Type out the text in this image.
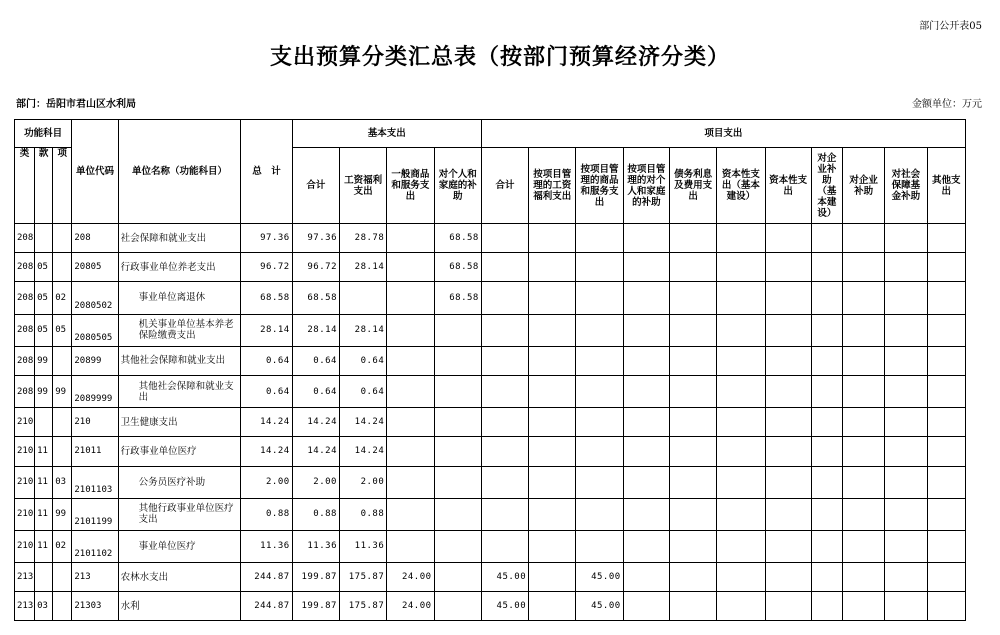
部门公开表05
支出预算分类汇总表（按部门预算经济分类）
部门：岳阳市君山区水利局	金额单位：万元
功能科目			单位代码	单位名称（功能科目）	总　计	基本支出				项目支出										
类	款	项				合计	工资福利支出	一般商品和服务支出	对个人和家庭的补助	合计	按项目管理的工资福利支出	按项目管理的商品和服务支出	按项目管理的对个人和家庭的补助	债务利息及费用支出	资本性支出（基本建设）	资本性支出	对企业补助（基本建设）	对企业补助	对社会保障基金补助	其他支出
208			208	社会保障和就业支出	97.36	97.36	28.78		68.58											
208	05		20805	行政事业单位养老支出	96.72	96.72	28.14		68.58											
208	05	02	2080502	事业单位离退休	68.58	68.58			68.58											
208	05	05	2080505	机关事业单位基本养老保险缴费支出	28.14	28.14	28.14													
208	99		20899	其他社会保障和就业支出	0.64	0.64	0.64													
208	99	99	2089999	其他社会保障和就业支出	0.64	0.64	0.64													
210			210	卫生健康支出	14.24	14.24	14.24													
210	11		21011	行政事业单位医疗	14.24	14.24	14.24													
210	11	03	2101103	公务员医疗补助	2.00	2.00	2.00													
210	11	99	2101199	其他行政事业单位医疗支出	0.88	0.88	0.88													
210	11	02	2101102	事业单位医疗	11.36	11.36	11.36													
213			213	农林水支出	244.87	199.87	175.87	24.00		45.00		45.00								
213	03		21303	水利	244.87	199.87	175.87	24.00		45.00		45.00								
